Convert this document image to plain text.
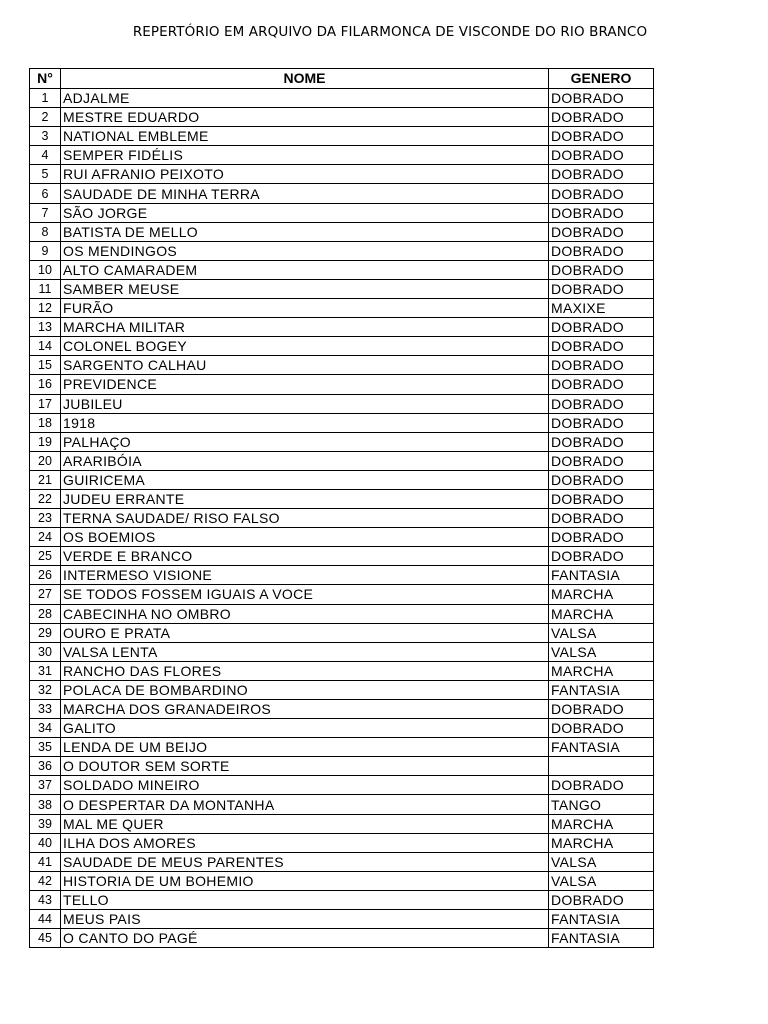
REPERTÓRIO EM ARQUIVO DA FILARMONCA DE VISCONDE DO RIO BRANCO
N°	NOME	GENERO
1	ADJALME	DOBRADO
2	MESTRE EDUARDO	DOBRADO
3	NATIONAL EMBLEME	DOBRADO
4	SEMPER FIDÉLIS	DOBRADO
5	RUI AFRANIO PEIXOTO	DOBRADO
6	SAUDADE DE MINHA TERRA	DOBRADO
7	SÃO JORGE	DOBRADO
8	BATISTA DE MELLO	DOBRADO
9	OS MENDINGOS	DOBRADO
10	ALTO CAMARADEM	DOBRADO
11	SAMBER MEUSE	DOBRADO
12	FURÃO	MAXIXE
13	MARCHA MILITAR	DOBRADO
14	COLONEL BOGEY	DOBRADO
15	SARGENTO CALHAU	DOBRADO
16	PREVIDENCE	DOBRADO
17	JUBILEU	DOBRADO
18	1918	DOBRADO
19	PALHAÇO	DOBRADO
20	ARARIBÓIA	DOBRADO
21	GUIRICEMA	DOBRADO
22	JUDEU ERRANTE	DOBRADO
23	TERNA SAUDADE/ RISO FALSO	DOBRADO
24	OS BOEMIOS	DOBRADO
25	VERDE E BRANCO	DOBRADO
26	INTERMESO VISIONE	FANTASIA
27	SE TODOS FOSSEM IGUAIS A VOCE	MARCHA
28	CABECINHA NO OMBRO	MARCHA
29	OURO E PRATA	VALSA
30	VALSA LENTA	VALSA
31	RANCHO DAS FLORES	MARCHA
32	POLACA DE BOMBARDINO	FANTASIA
33	MARCHA DOS GRANADEIROS	DOBRADO
34	GALITO	DOBRADO
35	LENDA DE UM BEIJO	FANTASIA
36	O DOUTOR SEM SORTE	
37	SOLDADO MINEIRO	DOBRADO
38	O DESPERTAR DA MONTANHA	TANGO
39	MAL ME QUER	MARCHA
40	ILHA DOS AMORES	MARCHA
41	SAUDADE DE MEUS PARENTES	VALSA
42	HISTORIA DE UM BOHEMIO	VALSA
43	TELLO	DOBRADO
44	MEUS PAIS	FANTASIA
45	O CANTO DO PAGÉ	FANTASIA
